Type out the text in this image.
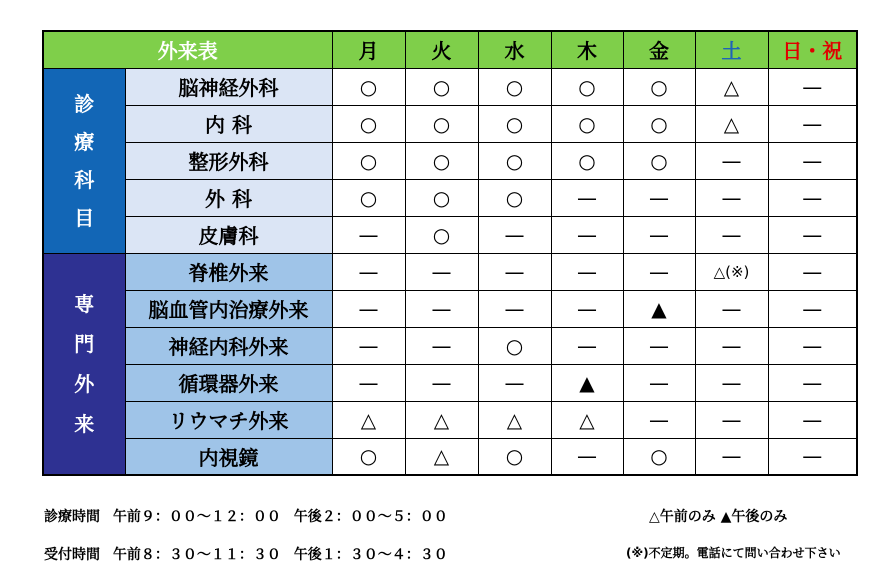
外来表		月	火	水	木	金	土	日・祝

診
療
科
目	脳神経外科	○	○	○	○	○	△	—
	内 科	○	○	○	○	○	△	—
	整形外科	○	○	○	○	○	—	—
	外 科	○	○	○	—	—	—	—
	皮膚科	—	○	—	—	—	—	—

専
門
外
来	脊椎外来	—	—	—	—	—	△(※)	—
	脳血管内治療外来	—	—	—	—	▲	—	—
	神経内科外来	—	—	○	—	—	—	—
	循環器外来	—	—	—	▲	—	—	—
	リウマチ外来	△	△	△	△	—	—	—
	内視鏡	○	△	○	—	○	—	—
診療時間 午前９：００～１２：００ 午後２：００～５：００	△午前のみ ▲午後のみ
受付時間 午前８：３０～１１：３０ 午後１：３０～４：３０	(※)不定期。電話にて問い合わせ下さい
